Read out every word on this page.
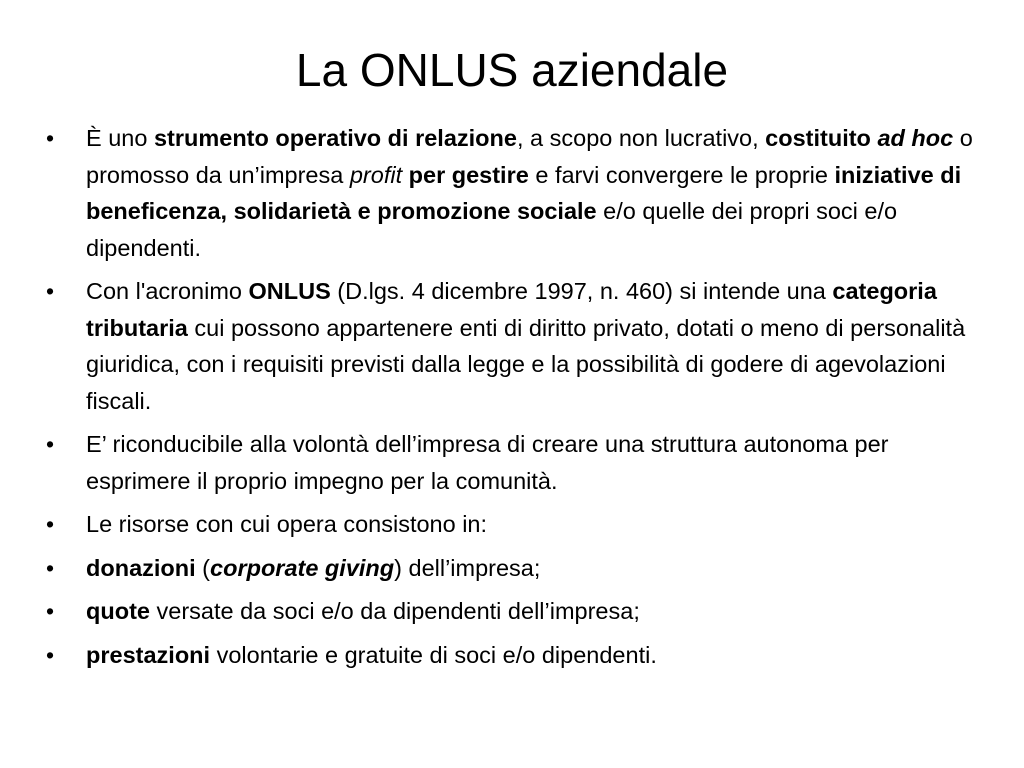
La ONLUS aziendale
• È uno strumento operativo di relazione, a scopo non lucrativo, costituito ad hoc o promosso da un’impresa profit per gestire e farvi convergere le proprie iniziative di beneficenza, solidarietà e promozione sociale e/o quelle dei propri soci e/o dipendenti.
• Con l'acronimo ONLUS (D.lgs. 4 dicembre 1997, n. 460) si intende una categoria tributaria cui possono appartenere enti di diritto privato, dotati o meno di personalità giuridica, con i requisiti previsti dalla legge e la possibilità di godere di agevolazioni fiscali.
• E’ riconducibile alla volontà dell’impresa di creare una struttura autonoma per esprimere il proprio impegno per la comunità.
• Le risorse con cui opera consistono in:
• donazioni (corporate giving) dell’impresa;
• quote versate da soci e/o da dipendenti dell’impresa;
• prestazioni volontarie e gratuite di soci e/o dipendenti.
